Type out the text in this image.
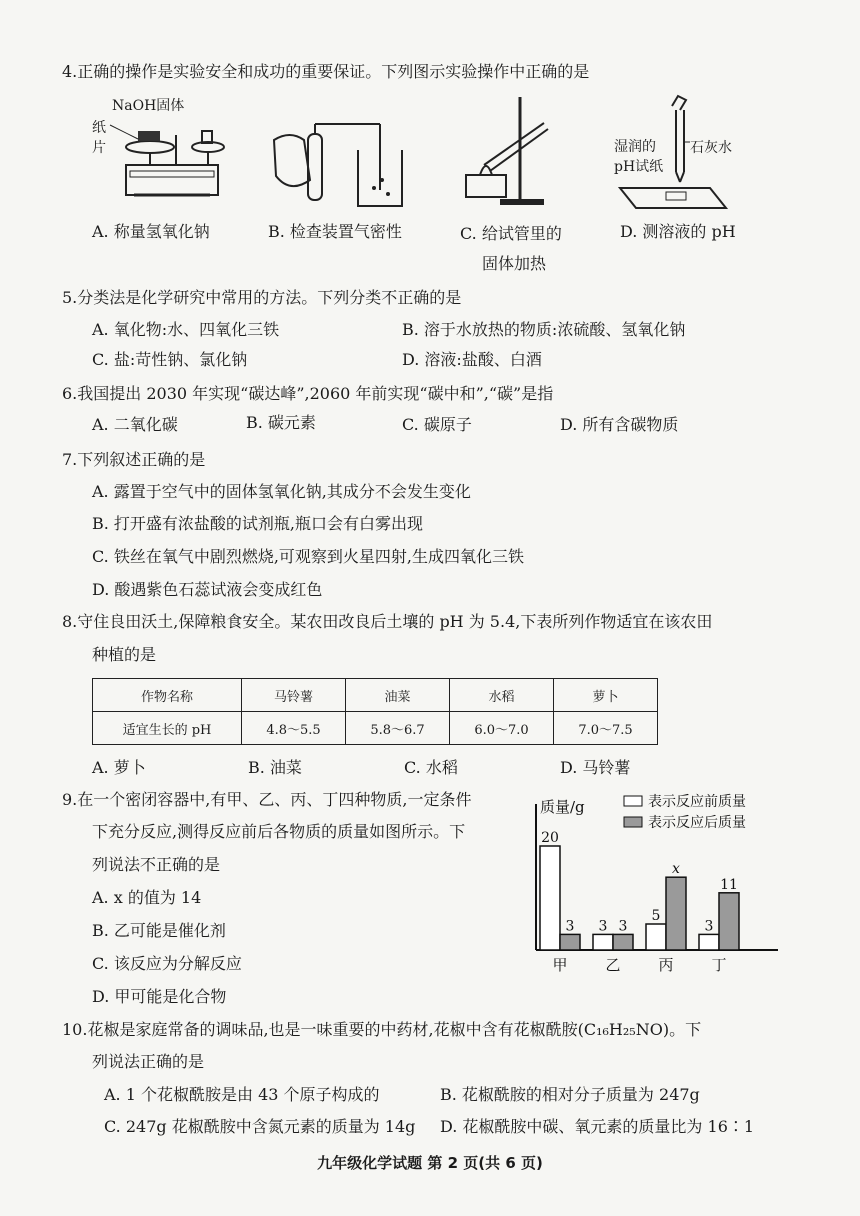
4.正确的操作是实验安全和成功的重要保证。下列图示实验操作中正确的是
NaOH固体
纸
片	湿润的
pH试纸
石灰水
A. 称量氢氧化钠	B. 检查装置气密性	C. 给试管里的
固体加热
D. 测溶液的 pH
5.分类法是化学研究中常用的方法。下列分类不正确的是
A. 氧化物:水、四氧化三铁	B. 溶于水放热的物质:浓硫酸、氢氧化钠
C. 盐:苛性钠、氯化钠	D. 溶液:盐酸、白酒
6.我国提出 2030 年实现“碳达峰”,2060 年前实现“碳中和”,“碳”是指
A. 二氧化碳	B. 碳元素	C. 碳原子	D. 所有含碳物质
7.下列叙述正确的是
A. 露置于空气中的固体氢氧化钠,其成分不会发生变化
B. 打开盛有浓盐酸的试剂瓶,瓶口会有白雾出现
C. 铁丝在氧气中剧烈燃烧,可观察到火星四射,生成四氧化三铁
D. 酸遇紫色石蕊试液会变成红色
8.守住良田沃土,保障粮食安全。某农田改良后土壤的 pH 为 5.4,下表所列作物适宜在该农田
种植的是
作物名称	马铃薯	油菜	水稻	萝卜
适宜生长的 pH	4.8～5.5	5.8～6.7	6.0～7.0	7.0～7.5
A. 萝卜	B. 油菜	C. 水稻	D. 马铃薯
9.在一个密闭容器中,有甲、乙、丙、丁四种物质,一定条件
下充分反应,测得反应前后各物质的质量如图所示。下
列说法不正确的是
A. x 的值为 14
B. 乙可能是催化剂
C. 该反应为分解反应
D. 甲可能是化合物
质量/g	表示反应前质量
表示反应后质量
20
3
甲
3 3
乙
5
x
丙
3
11
丁
10.花椒是家庭常备的调味品,也是一味重要的中药材,花椒中含有花椒酰胺(C₁₆H₂₅NO)。下
列说法正确的是
A. 1 个花椒酰胺是由 43 个原子构成的	B. 花椒酰胺的相对分子质量为 247g
C. 247g 花椒酰胺中含氮元素的质量为 14g D. 花椒酰胺中碳、氧元素的质量比为 16∶1
九年级化学试题 第 2 页(共 6 页)
